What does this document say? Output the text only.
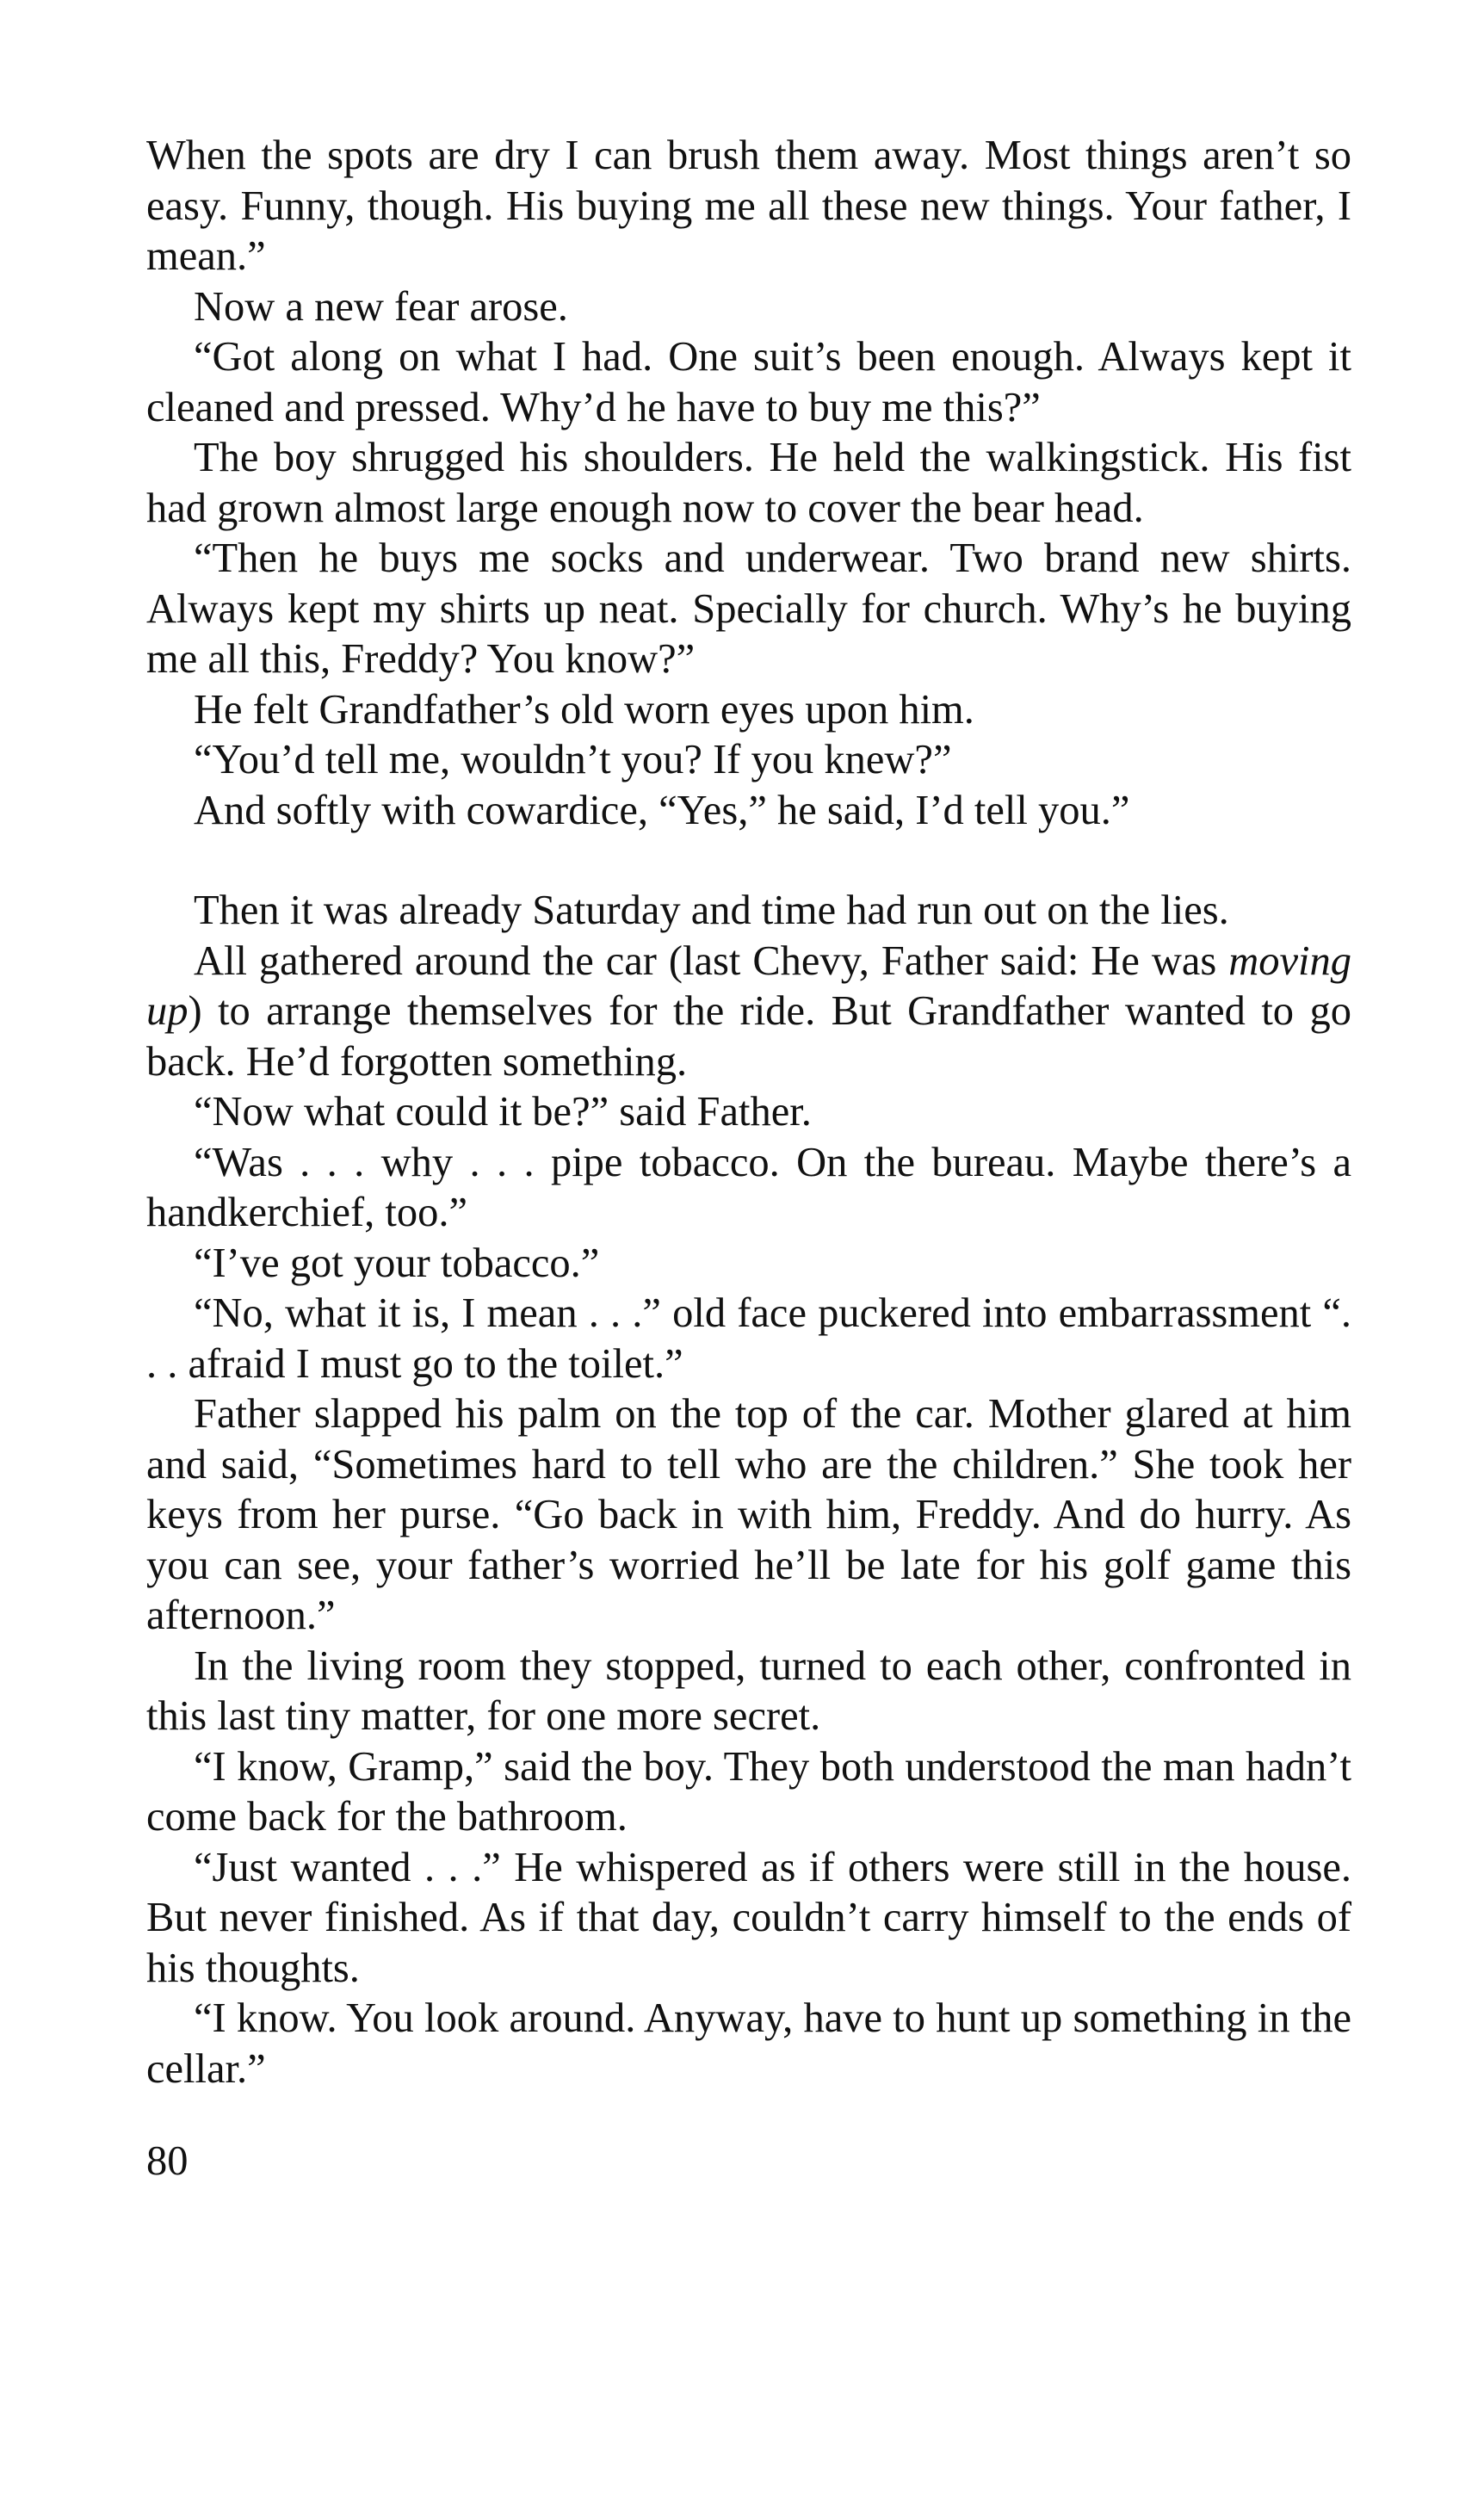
When the spots are dry I can brush them away. Most things aren’t so easy. Funny, though. His buying me all these new things. Your father, I mean.”

Now a new fear arose.

“Got along on what I had. One suit’s been enough. Always kept it cleaned and pressed. Why’d he have to buy me this?”

The boy shrugged his shoulders. He held the walkingstick. His fist had grown almost large enough now to cover the bear head.

“Then he buys me socks and underwear. Two brand new shirts. Always kept my shirts up neat. Specially for church. Why’s he buying me all this, Freddy? You know?”

He felt Grandfather’s old worn eyes upon him.

“You’d tell me, wouldn’t you? If you knew?”

And softly with cowardice, “Yes,” he said, I’d tell you.”

Then it was already Saturday and time had run out on the lies.

All gathered around the car (last Chevy, Father said: He was moving up) to arrange themselves for the ride. But Grandfather wanted to go back. He’d forgotten something.

“Now what could it be?” said Father.

“Was . . . why . . . pipe tobacco. On the bureau. Maybe there’s a handkerchief, too.”

“I’ve got your tobacco.”

“No, what it is, I mean . . .” old face puckered into embarrassment “. . . afraid I must go to the toilet.”

Father slapped his palm on the top of the car. Mother glared at him and said, “Sometimes hard to tell who are the children.” She took her keys from her purse. “Go back in with him, Freddy. And do hurry. As you can see, your father’s worried he’ll be late for his golf game this afternoon.”

In the living room they stopped, turned to each other, confronted in this last tiny matter, for one more secret.

“I know, Gramp,” said the boy. They both understood the man hadn’t come back for the bathroom.

“Just wanted . . .” He whispered as if others were still in the house. But never finished. As if that day, couldn’t carry himself to the ends of his thoughts.

“I know. You look around. Anyway, have to hunt up something in the cellar.”

80
